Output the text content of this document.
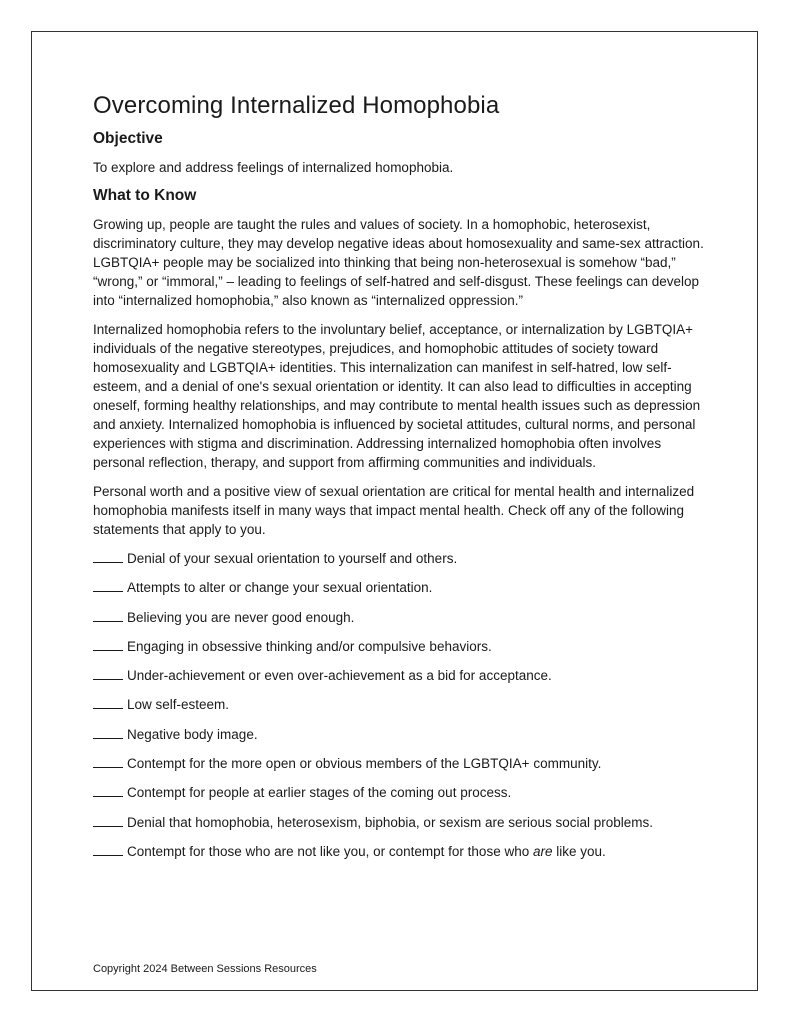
Overcoming Internalized Homophobia
Objective

To explore and address feelings of internalized homophobia.

What to Know

Growing up, people are taught the rules and values of society. In a homophobic, heterosexist, discriminatory culture, they may develop negative ideas about homosexuality and same-sex attraction. LGBTQIA+ people may be socialized into thinking that being non-heterosexual is somehow “bad,” “wrong,” or “immoral,” – leading to feelings of self-hatred and self-disgust. These feelings can develop into “internalized homophobia,” also known as “internalized oppression.”

Internalized homophobia refers to the involuntary belief, acceptance, or internalization by LGBTQIA+ individuals of the negative stereotypes, prejudices, and homophobic attitudes of society toward homosexuality and LGBTQIA+ identities. This internalization can manifest in self-hatred, low self-esteem, and a denial of one's sexual orientation or identity. It can also lead to difficulties in accepting oneself, forming healthy relationships, and may contribute to mental health issues such as depression and anxiety. Internalized homophobia is influenced by societal attitudes, cultural norms, and personal experiences with stigma and discrimination. Addressing internalized homophobia often involves personal reflection, therapy, and support from affirming communities and individuals.

Personal worth and a positive view of sexual orientation are critical for mental health and internalized homophobia manifests itself in many ways that impact mental health. Check off any of the following statements that apply to you.

Denial of your sexual orientation to yourself and others.
Attempts to alter or change your sexual orientation.
Believing you are never good enough.
Engaging in obsessive thinking and/or compulsive behaviors.
Under-achievement or even over-achievement as a bid for acceptance.
Low self-esteem.
Negative body image.
Contempt for the more open or obvious members of the LGBTQIA+ community.
Contempt for people at earlier stages of the coming out process.
Denial that homophobia, heterosexism, biphobia, or sexism are serious social problems.
Contempt for those who are not like you, or contempt for those who are like you.
Copyright 2024 Between Sessions Resources
